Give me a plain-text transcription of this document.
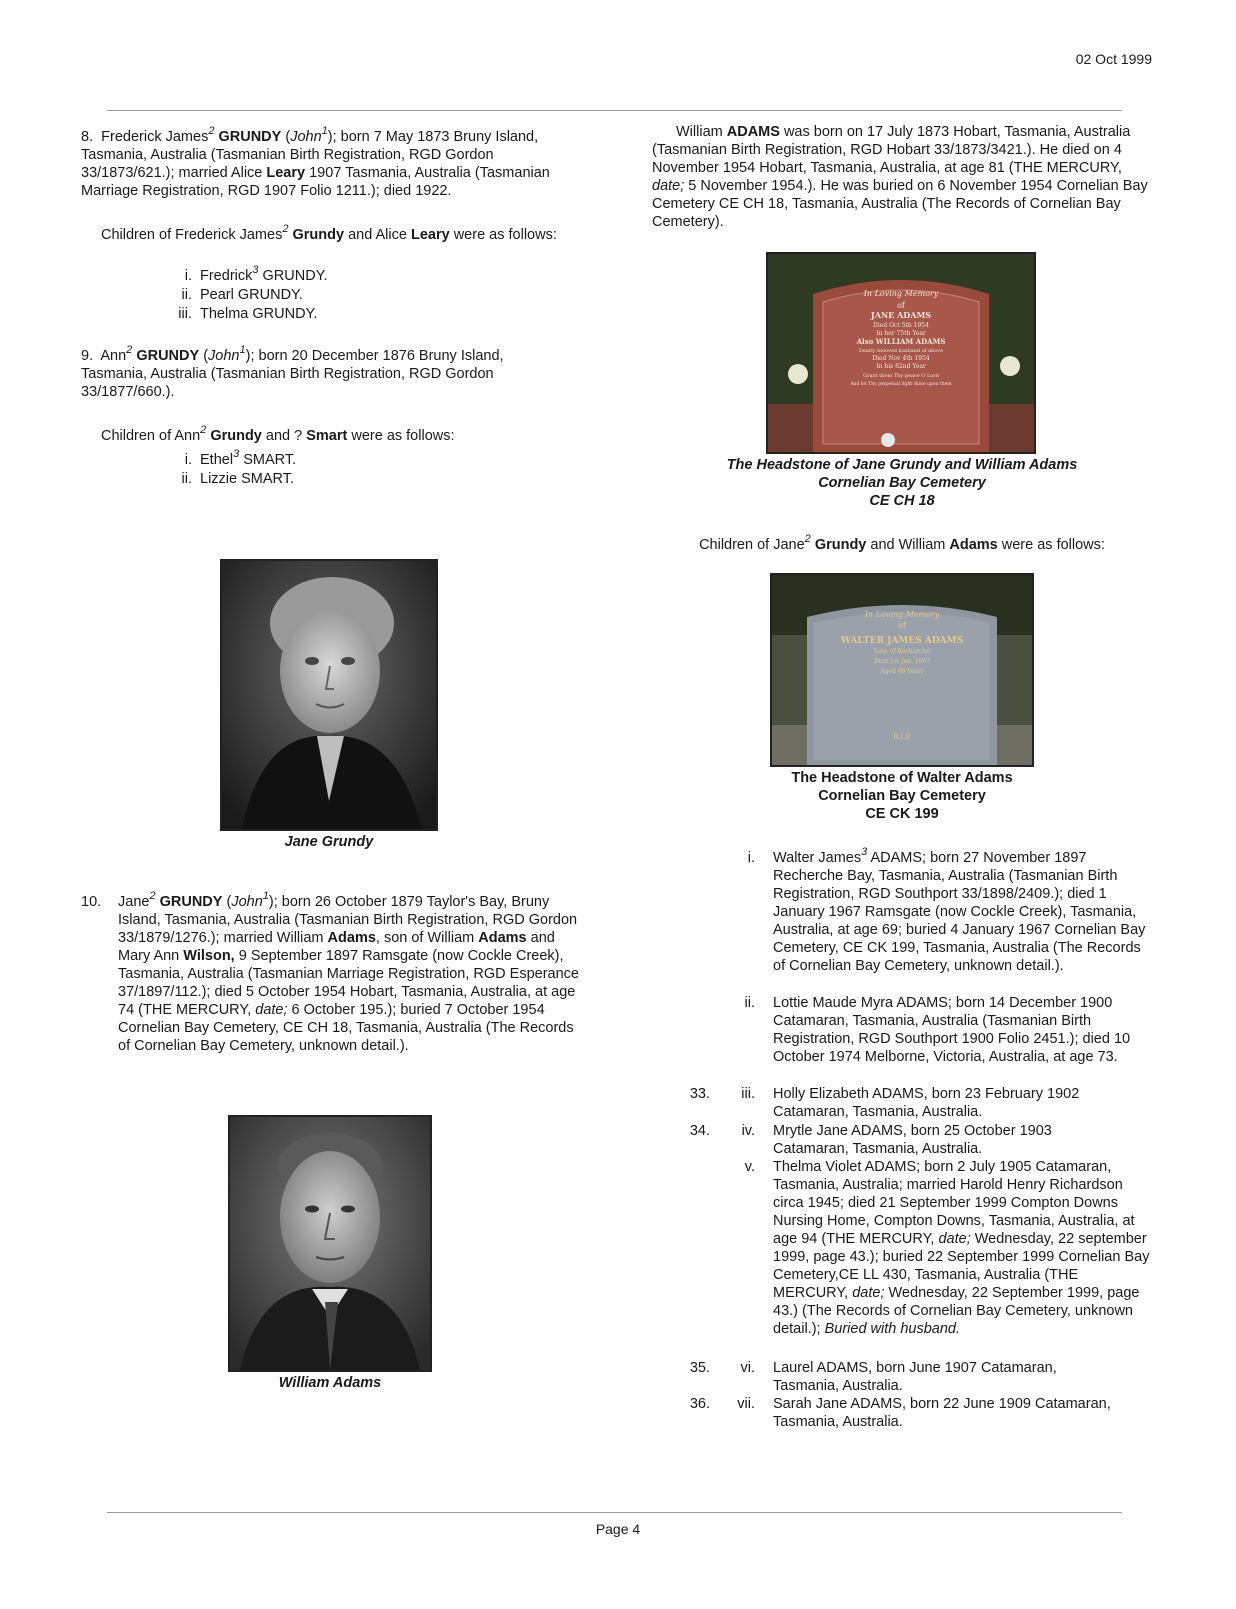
02 Oct 1999

8. Frederick James$^2$ GRUNDY (John$^1$); born 7 May 1873 Bruny Island, Tasmania, Australia (Tasmanian Birth Registration, RGD Gordon 33/1873/621.); married Alice Leary 1907 Tasmania, Australia (Tasmanian Marriage Registration, RGD 1907 Folio 1211.); died 1922.

Children of Frederick James$^2$ Grundy and Alice Leary were as follows:

i. Fredrick$^3$ GRUNDY.
ii. Pearl GRUNDY.
iii. Thelma GRUNDY.

9. Ann$^2$ GRUNDY (John$^1$); born 20 December 1876 Bruny Island, Tasmania, Australia (Tasmanian Birth Registration, RGD Gordon 33/1877/660.).

Children of Ann$^2$ Grundy and ? Smart were as follows:

i. Ethel$^3$ SMART.
ii. Lizzie SMART.
Jane Grundy
10. Jane$^2$ GRUNDY (John$^1$); born 26 October 1879 Taylor's Bay, Bruny Island, Tasmania, Australia (Tasmanian Birth Registration, RGD Gordon 33/1879/1276.); married William Adams, son of William Adams and Mary Ann Wilson, 9 September 1897 Ramsgate (now Cockle Creek), Tasmania, Australia (Tasmanian Marriage Registration, RGD Esperance 37/1897/112.); died 5 October 1954 Hobart, Tasmania, Australia, at age 74 (THE MERCURY, date; 6 October 195.); buried 7 October 1954 Cornelian Bay Cemetery, CE CH 18, Tasmania, Australia (The Records of Cornelian Bay Cemetery, unknown detail.).

William Adams

William ADAMS was born on 17 July 1873 Hobart, Tasmania, Australia (Tasmanian Birth Registration, RGD Hobart 33/1873/3421.). He died on 4 November 1954 Hobart, Tasmania, Australia, at age 81 (THE MERCURY, date; 5 November 1954.). He was buried on 6 November 1954 Cornelian Bay Cemetery CE CH 18, Tasmania, Australia (The Records of Cornelian Bay Cemetery).

In Loving Memory
of
JANE ADAMS
Died Oct 5th 1954
In her 75th Year
Also WILLIAM ADAMS
Dearly beloved husband of above
Died Nov 4th 1954
In his 82nd Year
Grant them Thy peace O Lord
And let Thy perpetual light shine upon them
The Headstone of Jane Grundy and William Adams
Cornelian Bay Cemetery
CE CH 18

Children of Jane$^2$ Grundy and William Adams were as follows:

In Loving Memory
of
WALTER JAMES ADAMS
Late of Recherche
Died 1st Jan. 1967
Aged 69 Years
R.I.P.
The Headstone of Walter Adams
Cornelian Bay Cemetery
CE CK 199
i. Walter James$^3$ ADAMS; born 27 November 1897 Recherche Bay, Tasmania, Australia (Tasmanian Birth Registration, RGD Southport 33/1898/2409.); died 1 January 1967 Ramsgate (now Cockle Creek), Tasmania, Australia, at age 69; buried 4 January 1967 Cornelian Bay Cemetery, CE CK 199, Tasmania, Australia (The Records of Cornelian Bay Cemetery, unknown detail.).
ii. Lottie Maude Myra ADAMS; born 14 December 1900 Catamaran, Tasmania, Australia (Tasmanian Birth Registration, RGD Southport 1900 Folio 2451.); died 10 October 1974 Melborne, Victoria, Australia, at age 73.
33.	iii. Holly Elizabeth ADAMS, born 23 February 1902 Catamaran, Tasmania, Australia.
34.	iv. Mrytle Jane ADAMS, born 25 October 1903 Catamaran, Tasmania, Australia.
v. Thelma Violet ADAMS; born 2 July 1905 Catamaran, Tasmania, Australia; married Harold Henry Richardson circa 1945; died 21 September 1999 Compton Downs Nursing Home, Compton Downs, Tasmania, Australia, at age 94 (THE MERCURY, date; Wednesday, 22 september 1999, page 43.); buried 22 September 1999 Cornelian Bay Cemetery,CE LL 430, Tasmania, Australia (THE MERCURY, date; Wednesday, 22 September 1999, page 43.) (The Records of Cornelian Bay Cemetery, unknown detail.); Buried with husband.
35.	vi. Laurel ADAMS, born June 1907 Catamaran, Tasmania, Australia.
36.	vii. Sarah Jane ADAMS, born 22 June 1909 Catamaran, Tasmania, Australia.
Page 4
